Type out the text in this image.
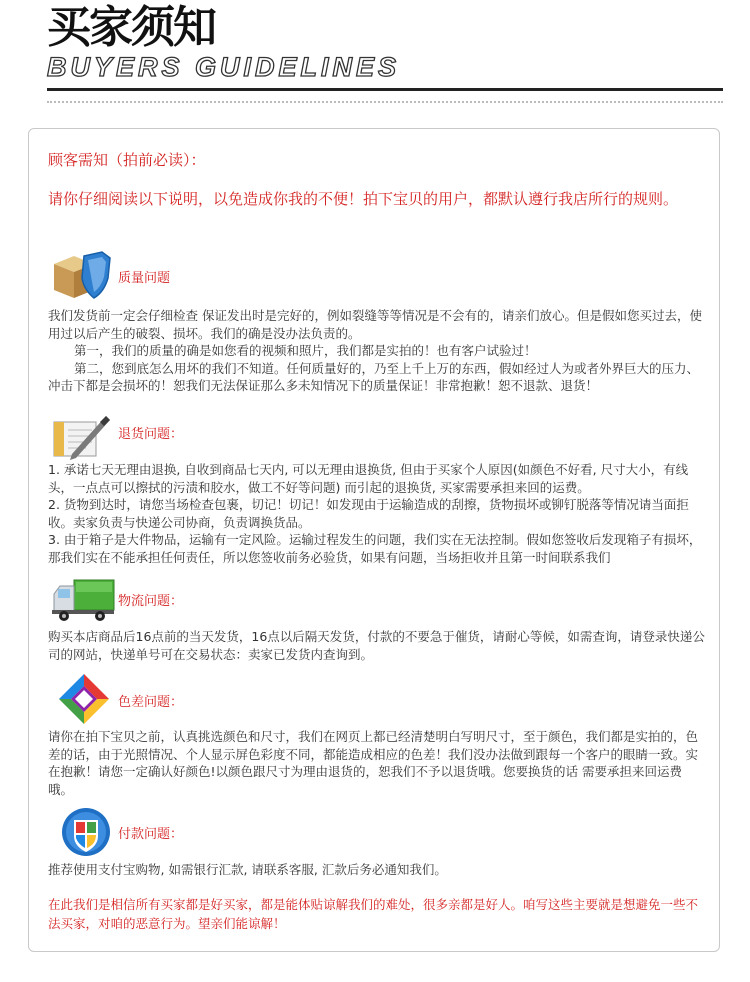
买家须知
BUYERS GUIDELINES
顾客需知（拍前必读）：
请你仔细阅读以下说明，以免造成你我的不便！拍下宝贝的用户，都默认遵行我店所行的规则。
质量问题
我们发货前一定会仔细检查 保证发出时是完好的，例如裂缝等等情况是不会有的，请亲们放心。但是假如您买过去，使用过以后产生的破裂、损坏。我们的确是没办法负责的。
第一，我们的质量的确是如您看的视频和照片，我们都是实拍的！也有客户试验过！
第二，您到底怎么用坏的我们不知道。任何质量好的，乃至上千上万的东西，假如经过人为或者外界巨大的压力、冲击下都是会损坏的！恕我们无法保证那么多未知情况下的质量保证！非常抱歉！恕不退款、退货！
退货问题：
1. 承诺七天无理由退换, 自收到商品七天内, 可以无理由退换货, 但由于买家个人原因(如颜色不好看, 尺寸大小，有线头，一点点可以擦拭的污渍和胶水，做工不好等问题) 而引起的退换货, 买家需要承担来回的运费。
2. 货物到达时，请您当场检查包裹，切记！切记！如发现由于运输造成的刮擦，货物损坏或铆钉脱落等情况请当面拒收。卖家负责与快递公司协商，负责调换货品。
3. 由于箱子是大件物品，运输有一定风险。运输过程发生的问题，我们实在无法控制。假如您签收后发现箱子有损坏，那我们实在不能承担任何责任，所以您签收前务必验货，如果有问题，当场拒收并且第一时间联系我们
物流问题：
购买本店商品后16点前的当天发货，16点以后隔天发货，付款的不要急于催货，请耐心等候，如需查询，请登录快递公司的网站，快递单号可在交易状态：卖家已发货内查询到。
色差问题：
请你在拍下宝贝之前，认真挑选颜色和尺寸，我们在网页上都已经清楚明白写明尺寸，至于颜色，我们都是实拍的，色差的话，由于光照情况、个人显示屏色彩度不同，都能造成相应的色差！我们没办法做到跟每一个客户的眼睛一致。实在抱歉！请您一定确认好颜色!以颜色跟尺寸为理由退货的，恕我们不予以退货哦。您要换货的话 需要承担来回运费哦。
付款问题：
推荐使用支付宝购物, 如需银行汇款, 请联系客服, 汇款后务必通知我们。
在此我们是相信所有买家都是好买家，都是能体贴谅解我们的难处，很多亲都是好人。咱写这些主要就是想避免一些不法买家，对咱的恶意行为。望亲们能谅解！
